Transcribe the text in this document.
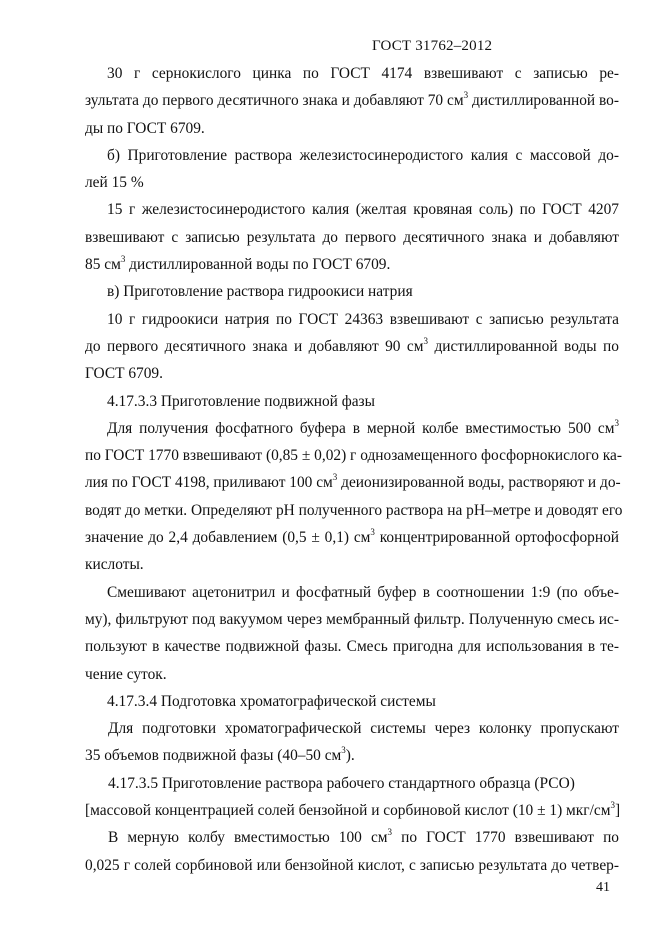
ГОСТ 31762–2012
30 г сернокислого цинка по ГОСТ 4174 взвешивают с записью ре-
зультата до первого десятичного знака и добавляют 70 $см^3$ дистиллированной во-
ды по ГОСТ 6709.
б) Приготовление раствора железистосинеродистого калия с массовой до-
лей 15 %
15 г железистосинеродистого калия (желтая кровяная соль) по ГОСТ 4207
взвешивают с записью результата до первого десятичного знака и добавляют
85 $см^3$ дистиллированной воды по ГОСТ 6709.
в) Приготовление раствора гидроокиси натрия
10 г гидроокиси натрия по ГОСТ 24363 взвешивают с записью результата
до первого десятичного знака и добавляют 90 $см^3$ дистиллированной воды по
ГОСТ 6709.
4.17.3.3 Приготовление подвижной фазы
Для получения фосфатного буфера в мерной колбе вместимостью 500 $см^3$
по ГОСТ 1770 взвешивают (0,85 ± 0,02) г однозамещенного фосфорнокислого ка-
лия по ГОСТ 4198, приливают 100 $см^3$ деионизированной воды, растворяют и до-
водят до метки. Определяют pH полученного раствора на pH–метре и доводят его
значение до 2,4 добавлением (0,5 ± 0,1) $см^3$ концентрированной ортофосфорной
кислоты.
Смешивают ацетонитрил и фосфатный буфер в соотношении 1:9 (по объе-
му), фильтруют под вакуумом через мембранный фильтр. Полученную смесь ис-
пользуют в качестве подвижной фазы. Смесь пригодна для использования в те-
чение суток.
4.17.3.4 Подготовка хроматографической системы
Для подготовки хроматографической системы через колонку пропускают
35 объемов подвижной фазы (40–50 $см^3$).
4.17.3.5 Приготовление раствора рабочего стандартного образца (РСО)
[массовой концентрацией солей бензойной и сорбиновой кислот (10 ± 1) мкг/$см^3$]
В мерную колбу вместимостью 100 $см^3$ по ГОСТ 1770 взвешивают по
0,025 г солей сорбиновой или бензойной кислот, с записью результата до четвер-
41
